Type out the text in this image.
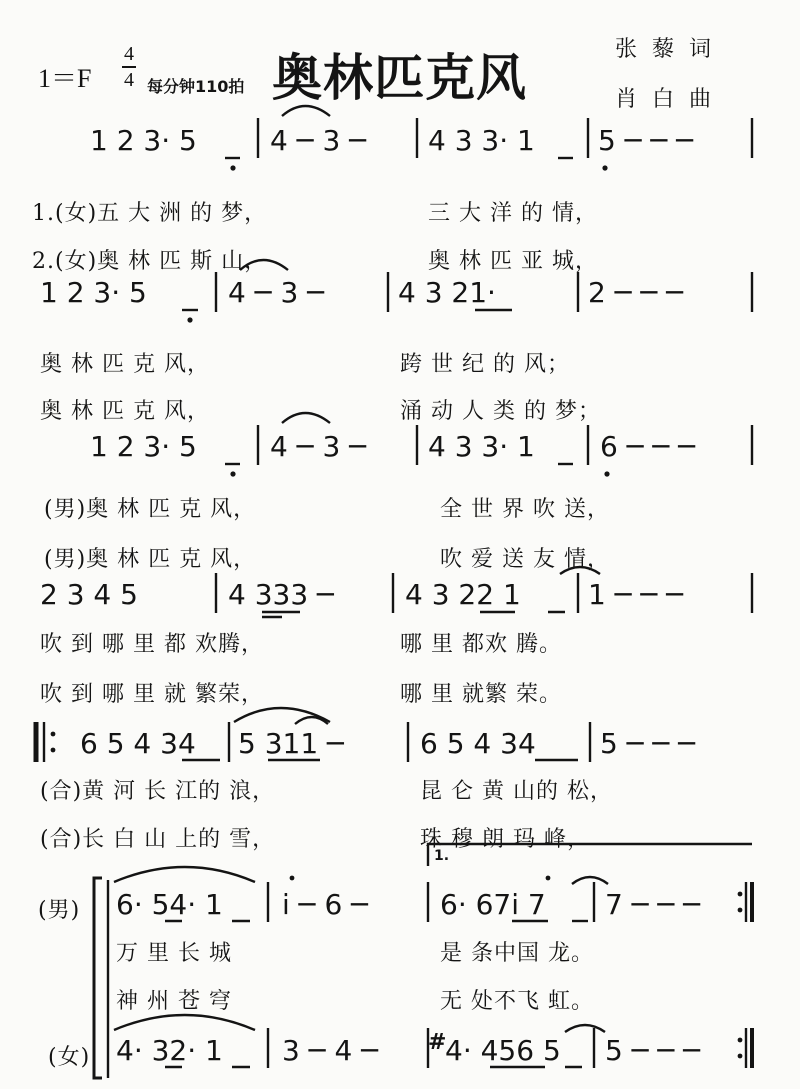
1＝F
4
4 每分钟110拍 奥林匹克风	张 藜 词
肖 白 曲
1 2 3· 5	4 ─ 3 ─ 4 3 3· 1 5 ─ ─ ─
1 2 3· 5	4 ─ 3 ─	4 3 21·	2 ─ ─ ─
1 2 3· 5	4 ─ 3 ─ 4 3 3· 1 6 ─ ─ ─
2 3 4 5	4 333 ─	4 3 22 1 1 ─ ─ ─
6 5 4 34 5 311 ─	6 5 4 34 5 ─ ─ ─
(男) 6· 54· 1 i ─ 6 ─	6· 67i 7 7 ─ ─ ─
(女) 4· 32· 1 3 ─ 4 ─ 4· 456 5 5 ─ ─ ─
1.
#
1.(女)五 大 洲 的 梦，	三 大 洋 的 情，
2.(女)奥 林 匹 斯 山，	奥 林 匹 亚 城，
奥 林 匹 克 风，	跨 世 纪 的 风；
奥 林 匹 克 风，	涌 动 人 类 的 梦；
(男)奥 林 匹 克 风，	全 世 界 吹 送，
(男)奥 林 匹 克 风，	吹 爱 送 友 情，
吹 到 哪 里 都 欢腾，	哪 里 都欢 腾。
吹 到 哪 里 就 繁荣，	哪 里 就繁 荣。
(合)黄 河 长 江的 浪，	昆 仑 黄 山的 松，
(合)长 白 山 上的 雪，	珠 穆 朗 玛 峰，
万 里 长 城	是 条中国 龙。
神 州 苍 穹	无 处不飞 虹。
